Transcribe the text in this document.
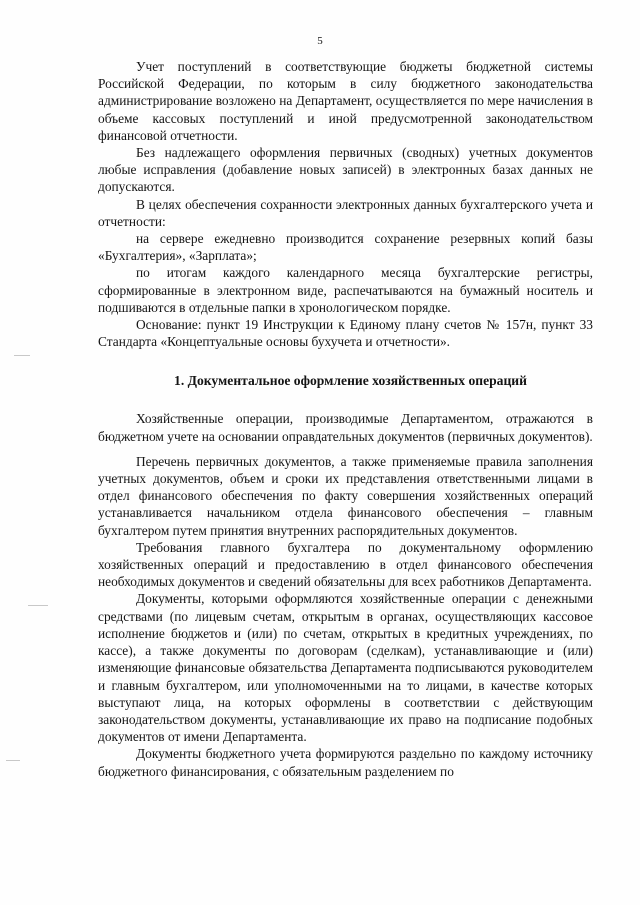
5

Учет поступлений в соответствующие бюджеты бюджетной системы Российской Федерации, по которым в силу бюджетного законодательства администрирование возложено на Департамент, осуществляется по мере начисления в объеме кассовых поступлений и иной предусмотренной законодательством финансовой отчетности.

Без надлежащего оформления первичных (сводных) учетных документов любые исправления (добавление новых записей) в электронных базах данных не допускаются.

В целях обеспечения сохранности электронных данных бухгалтерского учета и отчетности:

на сервере ежедневно производится сохранение резервных копий базы «Бухгалтерия», «Зарплата»;

по итогам каждого календарного месяца бухгалтерские регистры, сформированные в электронном виде, распечатываются на бумажный носитель и подшиваются в отдельные папки в хронологическом порядке.

Основание: пункт 19 Инструкции к Единому плану счетов № 157н, пункт 33 Стандарта «Концептуальные основы бухучета и отчетности».

1. Документальное оформление хозяйственных операций

Хозяйственные операции, производимые Департаментом, отражаются в бюджетном учете на основании оправдательных документов (первичных документов).

Перечень первичных документов, а также применяемые правила заполнения учетных документов, объем и сроки их представления ответственными лицами в отдел финансового обеспечения по факту совершения хозяйственных операций устанавливается начальником отдела финансового обеспечения – главным бухгалтером путем принятия внутренних распорядительных документов.

Требования главного бухгалтера по документальному оформлению хозяйственных операций и предоставлению в отдел финансового обеспечения необходимых документов и сведений обязательны для всех работников Департамента.

Документы, которыми оформляются хозяйственные операции с денежными средствами (по лицевым счетам, открытым в органах, осуществляющих кассовое исполнение бюджетов и (или) по счетам, открытых в кредитных учреждениях, по кассе), а также документы по договорам (сделкам), устанавливающие и (или) изменяющие финансовые обязательства Департамента подписываются руководителем и главным бухгалтером, или уполномоченными на то лицами, в качестве которых выступают лица, на которых оформлены в соответствии с действующим законодательством документы, устанавливающие их право на подписание подобных документов от имени Департамента.

Документы бюджетного учета формируются раздельно по каждому источнику бюджетного финансирования, с обязательным разделением по
